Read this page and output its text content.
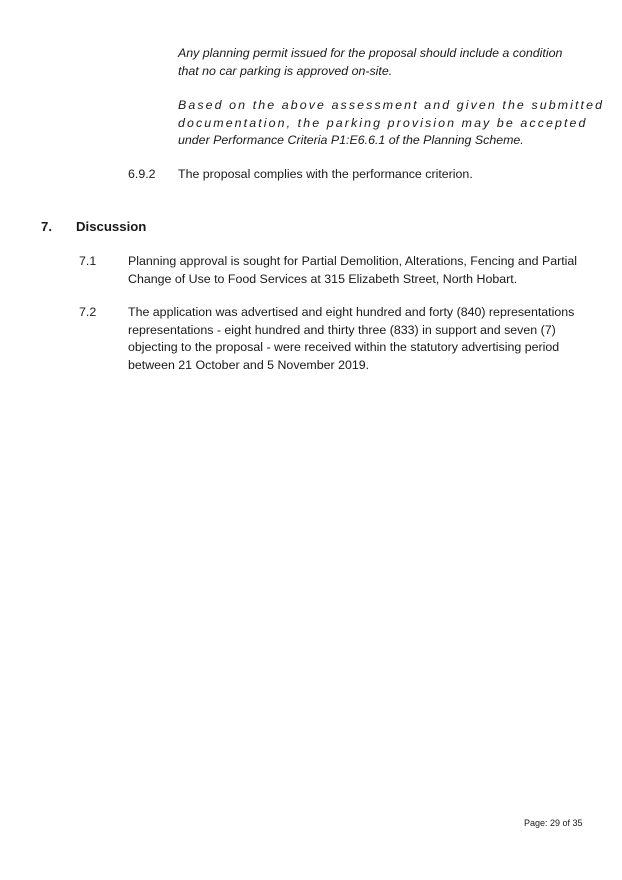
Any planning permit issued for the proposal should include a condition
that no car parking is approved on-site.
Based on the above assessment and given the submitted
documentation, the parking provision may be accepted
under Performance Criteria P1:E6.6.1 of the Planning Scheme.
6.9.2 The proposal complies with the performance criterion.
7. Discussion
7.1	Planning approval is sought for Partial Demolition, Alterations, Fencing and Partial
Change of Use to Food Services at 315 Elizabeth Street, North Hobart.
7.2	The application was advertised and eight hundred and forty (840) representations
representations - eight hundred and thirty three (833) in support and seven (7)
objecting to the proposal - were received within the statutory advertising period
between 21 October and 5 November 2019.
Page: 29 of 35
